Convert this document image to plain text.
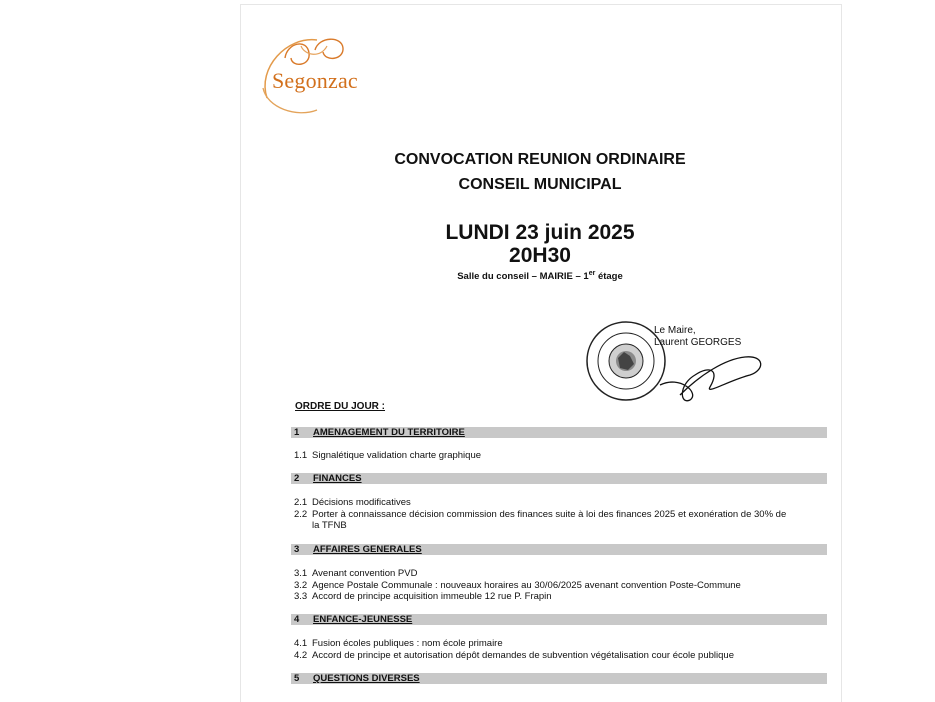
Segonzac
CONVOCATION REUNION ORDINAIRE
CONSEIL MUNICIPAL
LUNDI 23 juin 2025
20H30
Salle du conseil – MAIRIE – 1er étage
Le Maire,
Laurent GEORGES
ORDRE DU JOUR :
1 AMENAGEMENT DU TERRITOIRE
1.1 Signalétique validation charte graphique
2 FINANCES
2.1 Décisions modificatives
2.2 Porter à connaissance décision commission des finances suite à loi des finances 2025 et exonération de 30% de la TFNB
3 AFFAIRES GENERALES
3.1 Avenant convention PVD
3.2 Agence Postale Communale : nouveaux horaires au 30/06/2025 avenant convention Poste-Commune
3.3 Accord de principe acquisition immeuble 12 rue P. Frapin
4 ENFANCE-JEUNESSE
4.1 Fusion écoles publiques : nom école primaire
4.2 Accord de principe et autorisation dépôt demandes de subvention végétalisation cour école publique
5 QUESTIONS DIVERSES
